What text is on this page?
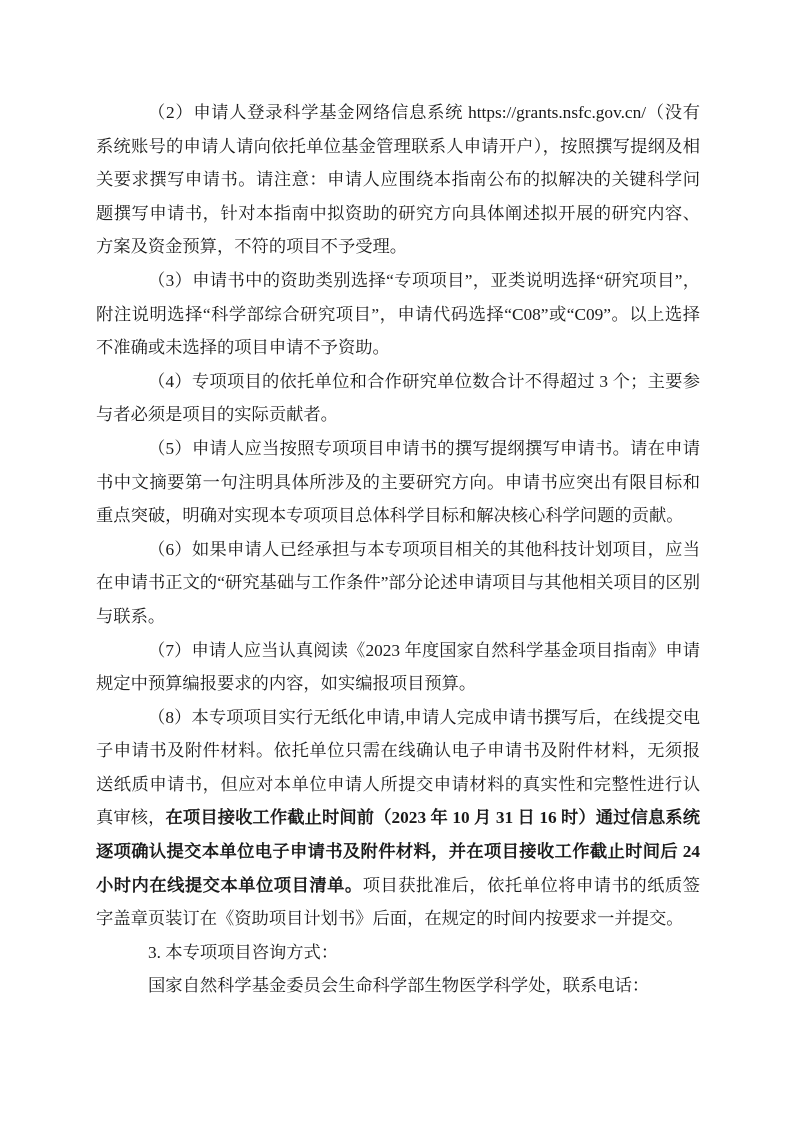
（2）申请人登录科学基金网络信息系统 https://grants.nsfc.gov.cn/（没有系统账号的申请人请向依托单位基金管理联系人申请开户），按照撰写提纲及相关要求撰写申请书。请注意：申请人应围绕本指南公布的拟解决的关键科学问题撰写申请书，针对本指南中拟资助的研究方向具体阐述拟开展的研究内容、方案及资金预算，不符的项目不予受理。

（3）申请书中的资助类别选择“专项项目”，亚类说明选择“研究项目”，附注说明选择“科学部综合研究项目”，申请代码选择“C08”或“C09”。以上选择不准确或未选择的项目申请不予资助。

（4）专项项目的依托单位和合作研究单位数合计不得超过 3 个；主要参与者必须是项目的实际贡献者。

（5）申请人应当按照专项项目申请书的撰写提纲撰写申请书。请在申请书中文摘要第一句注明具体所涉及的主要研究方向。申请书应突出有限目标和重点突破，明确对实现本专项项目总体科学目标和解决核心科学问题的贡献。

（6）如果申请人已经承担与本专项项目相关的其他科技计划项目，应当在申请书正文的“研究基础与工作条件”部分论述申请项目与其他相关项目的区别与联系。

（7）申请人应当认真阅读《2023 年度国家自然科学基金项目指南》申请规定中预算编报要求的内容，如实编报项目预算。

（8）本专项项目实行无纸化申请,申请人完成申请书撰写后，在线提交电子申请书及附件材料。依托单位只需在线确认电子申请书及附件材料，无须报送纸质申请书，但应对本单位申请人所提交申请材料的真实性和完整性进行认真审核，在项目接收工作截止时间前（2023 年 10 月 31 日 16 时）通过信息系统逐项确认提交本单位电子申请书及附件材料，并在项目接收工作截止时间后 24 小时内在线提交本单位项目清单。项目获批准后，依托单位将申请书的纸质签字盖章页装订在《资助项目计划书》后面，在规定的时间内按要求一并提交。

3. 本专项项目咨询方式：

国家自然科学基金委员会生命科学部生物医学科学处，联系电话：
